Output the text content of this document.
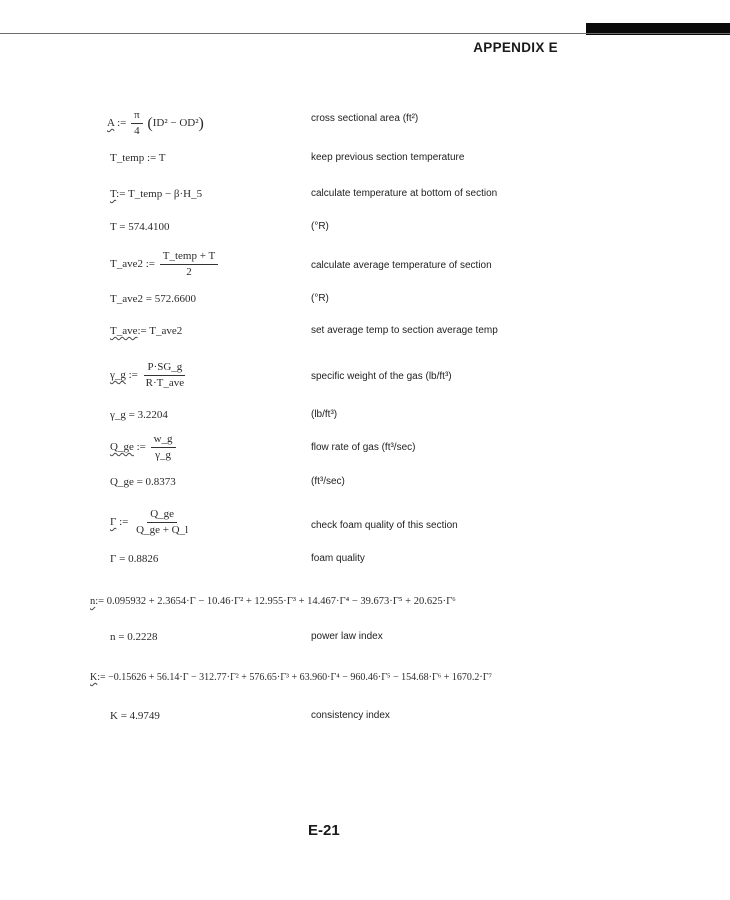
APPENDIX E
A := $\frac{\pi}{4} (ID^2 - OD^2)$	cross sectional area (ft²)
T_temp := T	keep previous section temperature
T:= T_temp − β·H_5	calculate temperature at bottom of section
T = 574.4100	(°R)
T_ave2 := $\frac{\text{T\_temp + T}}{2}$	calculate average temperature of section
T_ave2 = 572.6600	(°R)
T_ave:= T_ave2	set average temp to section average temp
γ_g := $\frac{P\cdot SG\_g}{\text{R·T\_ave}}$	specific weight of the gas (lb/ft³)
γ_g = 3.2204	(lb/ft³)
Q_ge := $\frac{w\_g}{\gamma\_g}$	flow rate of gas (ft³/sec)
Q_ge = 0.8373	(ft³/sec)
Γ := $\frac{Q\_ge}{Q\_ge + Q\_l}$	check foam quality of this section
Γ = 0.8826	foam quality
n:= 0.095932 + 2.3654·Γ − 10.46·Γ² + 12.955·Γ³ + 14.467·Γ⁴ − 39.673·Γ⁵ + 20.625·Γ⁶
n = 0.2228	power law index
K:= −0.15626 + 56.14·Γ − 312.77·Γ² + 576.65·Γ³ + 63.960·Γ⁴ − 960.46·Γ⁵ − 154.68·Γ⁶ + 1670.2·Γ⁷
K = 4.9749	consistency index
E-21
